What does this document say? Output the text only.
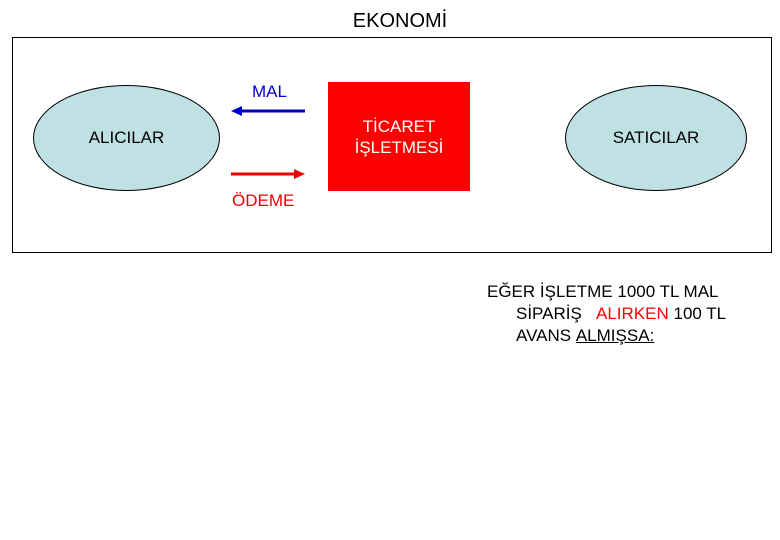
EKONOMİ
ALICILAR	SATICILAR
TİCARET
İŞLETMESİ
MAL
ÖDEME
EĞER İŞLETME 1000 TL MAL
SİPARİŞ ALIRKEN 100 TL
AVANS ALMIŞSA:
